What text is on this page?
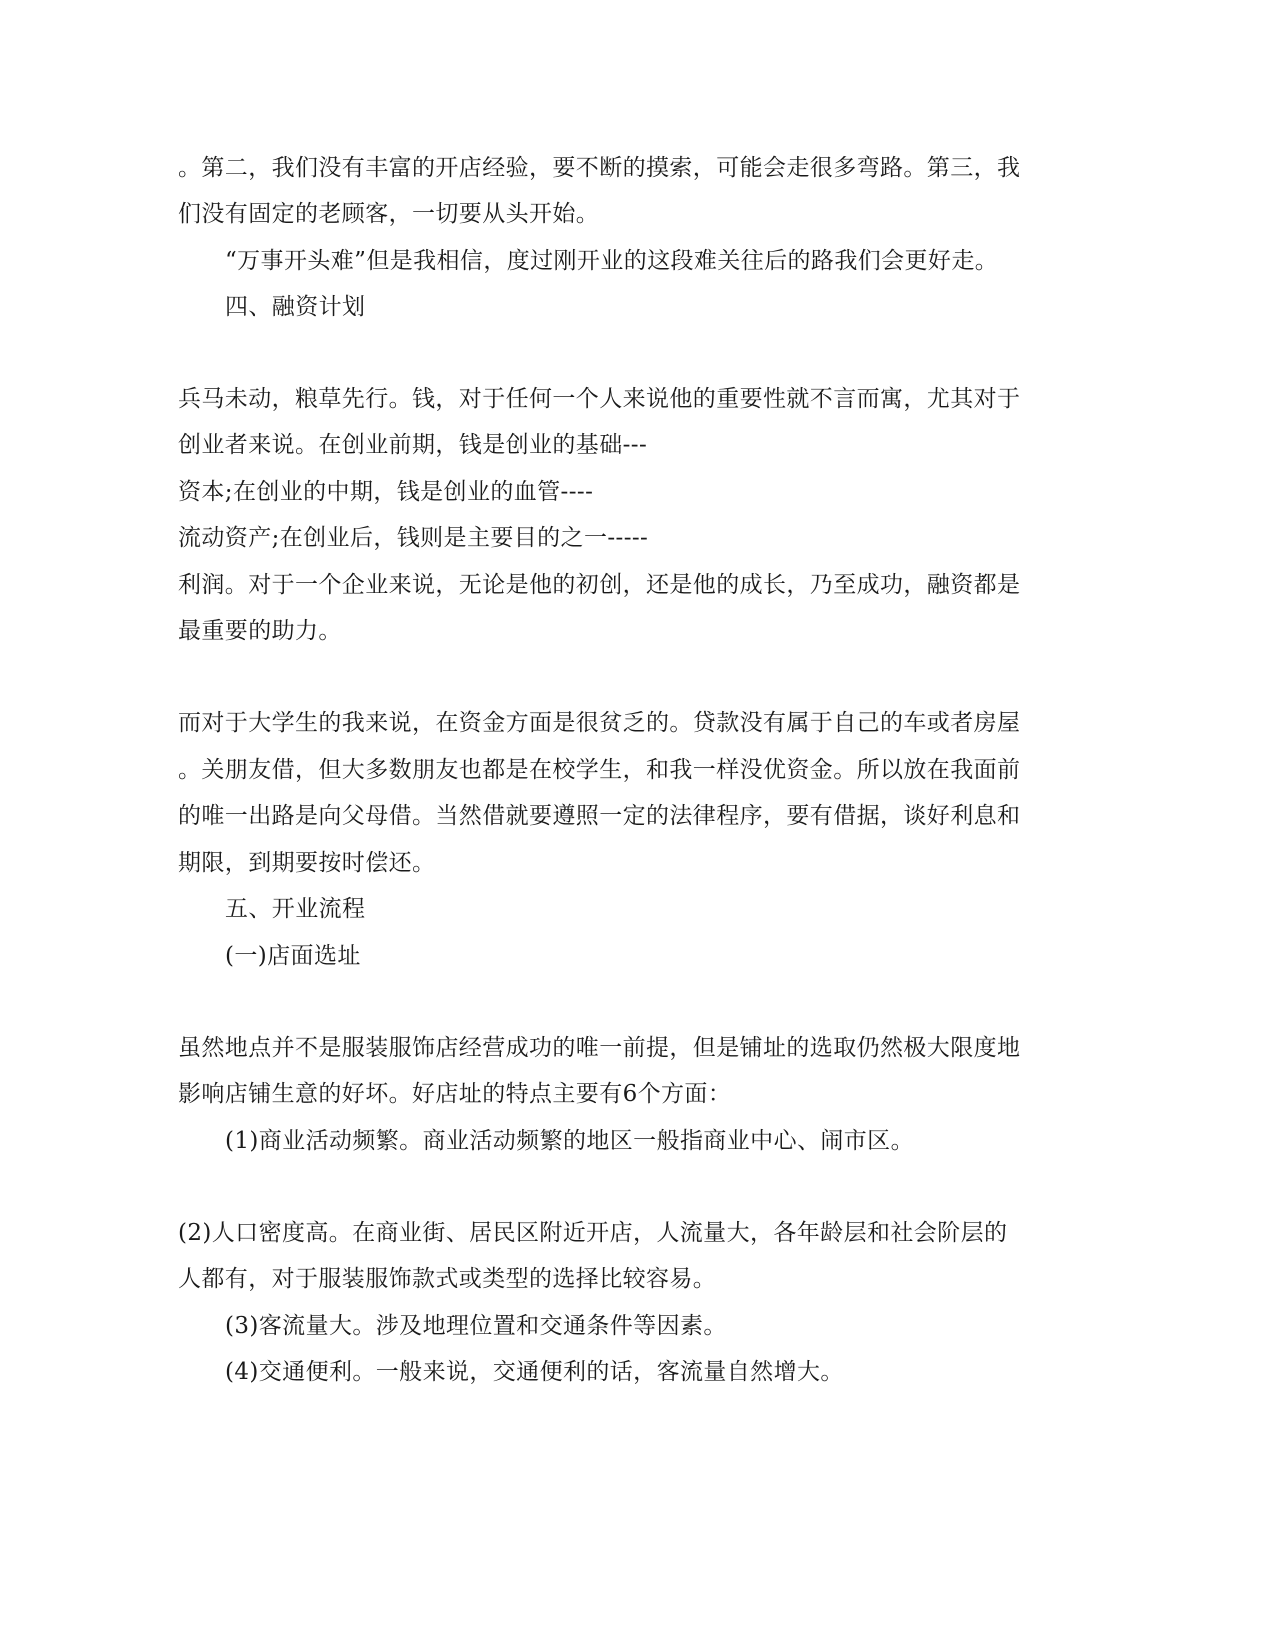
。第二，我们没有丰富的开店经验，要不断的摸索，可能会走很多弯路。第三，我
们没有固定的老顾客，一切要从头开始。
“万事开头难”但是我相信，度过刚开业的这段难关往后的路我们会更好走。
四、融资计划
兵马未动，粮草先行。钱，对于任何一个人来说他的重要性就不言而寓，尤其对于
创业者来说。在创业前期，钱是创业的基础---
资本;在创业的中期，钱是创业的血管----
流动资产;在创业后，钱则是主要目的之一-----
利润。对于一个企业来说，无论是他的初创，还是他的成长，乃至成功，融资都是
最重要的助力。
而对于大学生的我来说，在资金方面是很贫乏的。贷款没有属于自己的车或者房屋
。关朋友借，但大多数朋友也都是在校学生，和我一样没优资金。所以放在我面前
的唯一出路是向父母借。当然借就要遵照一定的法律程序，要有借据，谈好利息和
期限，到期要按时偿还。
五、开业流程
(一)店面选址
虽然地点并不是服装服饰店经营成功的唯一前提，但是铺址的选取仍然极大限度地
影响店铺生意的好坏。好店址的特点主要有6个方面：
(1)商业活动频繁。商业活动频繁的地区一般指商业中心、闹市区。
(2)人口密度高。在商业街、居民区附近开店，人流量大，各年龄层和社会阶层的
人都有，对于服装服饰款式或类型的选择比较容易。
(3)客流量大。涉及地理位置和交通条件等因素。
(4)交通便利。一般来说，交通便利的话，客流量自然增大。
